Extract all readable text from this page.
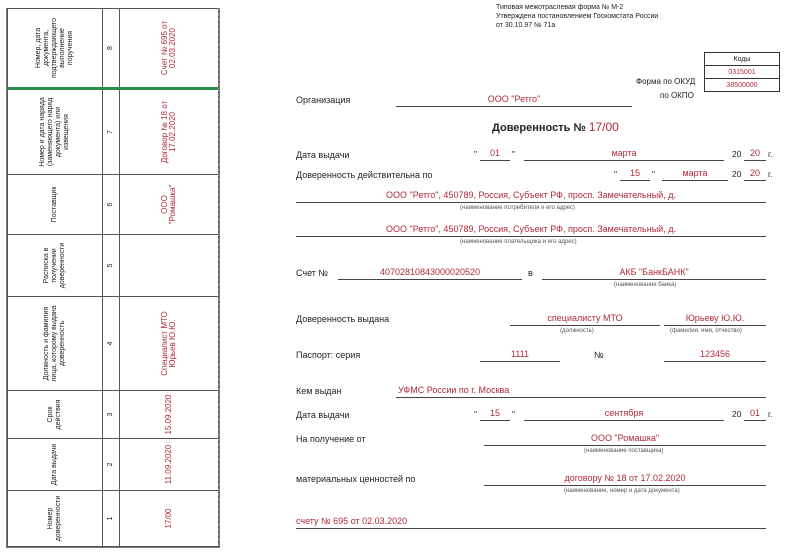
Номер доверенности	Дата выдачи	Срок действия	Должность и фамилия лица, которому выдана доверенность	Расписка в получении доверенности	Поставщик	Номер и дата наряда (заменяющего наряд документа) или извещения	Номер, дата документа, подтверждающего выполнение поручения
1	2	3	4	5	6	7	8
17/00	11.09.2020	15.09.2020	Специалист МТО Юрьев Ю.Ю.		ООО "Ромашка"	Договор № 18 от 17.02.2020	Счет № 695 от 02.03.2020
Типовая межотраслевая форма № М-2
Утверждена постановлением Госкомстата России
от 30.10.97 № 71а
Коды
0315001
38500000
Форма по ОКУД
по ОКПО
Организация	ООО "Ретго"
Доверенность № 17/00
Дата выдачи	"	01	"	марта	20 20 г.
Доверенность действительна по	"	15	"	марта	20 20 г.
ООО "Ретго", 450789, Россия, Субъект РФ, просп. Замечательный, д.
( наименование потребителя и его адрес )
ООО "Ретго", 450789, Россия, Субъект РФ, просп. Замечательный, д.
( наименование плательщика и его адрес )
Счет №	40702810843000020520	в	АКБ "БанкБАНК"
( наименование банка )
Доверенность выдана	специалисту МТО
( должность )
Юрьеву Ю.Ю.
( фамилия, имя, отчество )
Паспорт: серия	1111	№	123456
Кем выдан	УФМС России по г. Москва
Дата выдачи	"	15	"	сентября	20 01 г.
На получение от	ООО "Ромашка"
( наименование поставщика )
материальных ценностей по	договору № 18 от 17.02.2020
( наименование, номер и дата документа )
счету № 695 от 02.03.2020
